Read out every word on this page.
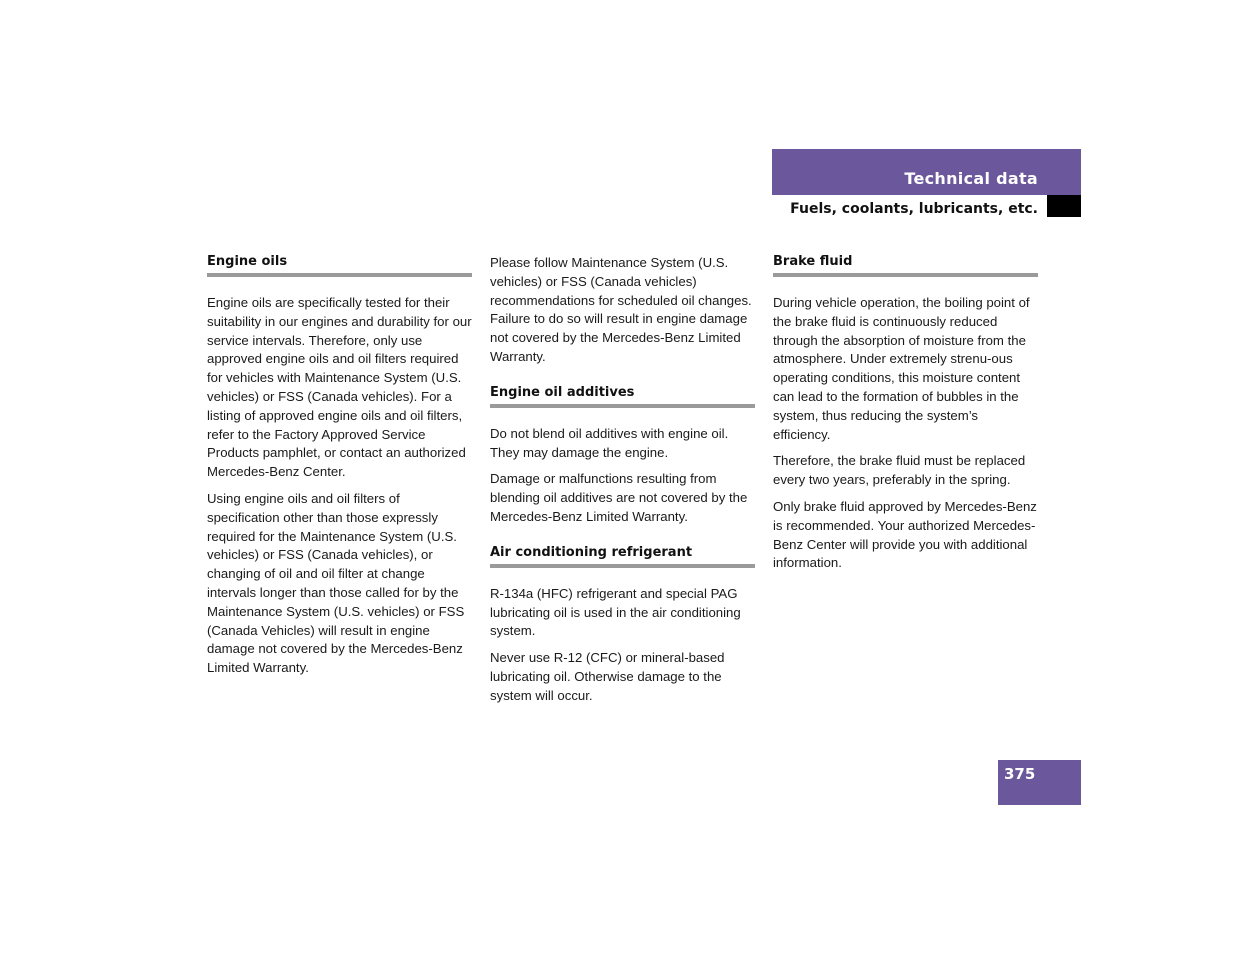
Technical data
Fuels, coolants, lubricants, etc.
Engine oils

Engine oils are specifically tested for their suitability in our engines and durability for our service intervals. Therefore, only use approved engine oils and oil filters required for vehicles with Maintenance System (U.S. vehicles) or FSS (Canada vehicles). For a listing of approved engine oils and oil filters, refer to the Factory Approved Service Products pamphlet, or contact an authorized Mercedes-Benz Center.

Using engine oils and oil filters of specification other than those expressly required for the Maintenance System (U.S. vehicles) or FSS (Canada vehicles), or changing of oil and oil filter at change intervals longer than those called for by the Maintenance System (U.S. vehicles) or FSS (Canada Vehicles) will result in engine damage not covered by the Mercedes-Benz Limited Warranty.

Please follow Maintenance System (U.S. vehicles) or FSS (Canada vehicles) recommendations for scheduled oil changes. Failure to do so will result in engine damage not covered by the Mercedes-Benz Limited Warranty.

Engine oil additives

Do not blend oil additives with engine oil. They may damage the engine.

Damage or malfunctions resulting from blending oil additives are not covered by the Mercedes-Benz Limited Warranty.

Air conditioning refrigerant

R-134a (HFC) refrigerant and special PAG lubricating oil is used in the air conditioning system.

Never use R-12 (CFC) or mineral-based lubricating oil. Otherwise damage to the system will occur.

Brake fluid

During vehicle operation, the boiling point of the brake fluid is continuously reduced through the absorption of moisture from the atmosphere. Under extremely strenu-ous operating conditions, this moisture content can lead to the formation of bubbles in the system, thus reducing the system’s efficiency.

Therefore, the brake fluid must be replaced every two years, preferably in the spring.

Only brake fluid approved by Mercedes-Benz is recommended. Your authorized Mercedes-Benz Center will provide you with additional information.

375
